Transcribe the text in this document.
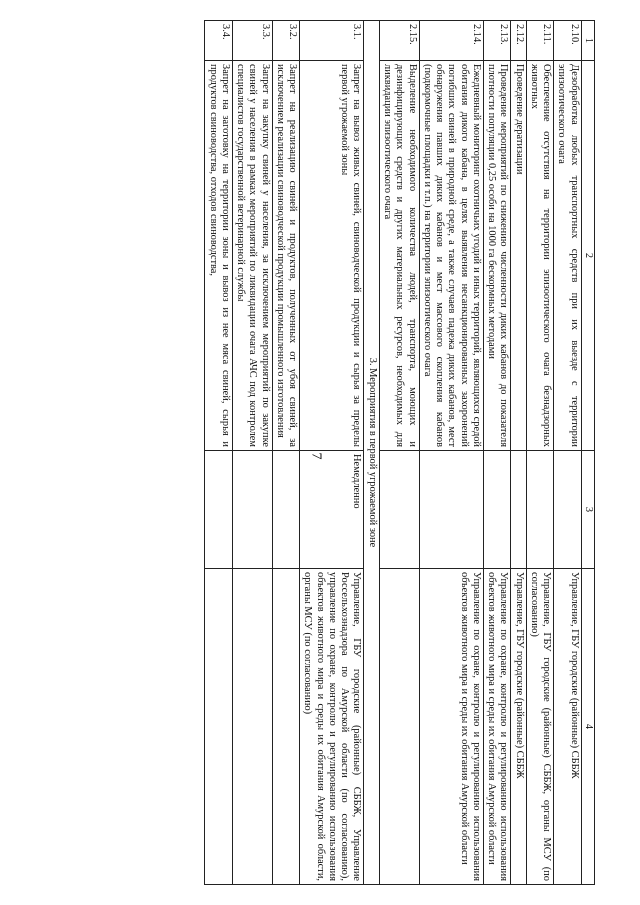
7
1	2	3	4
2.10.	Дезобработка любых транспортных средств при их выезде с территории эпизоотического очага		Управление, ГБУ городские (районные) СББЖ
2.11.	Обеспечение отсутствия на территории эпизоотического очага безнадзорных животных		Управление, ГБУ городские (районные) СББЖ, органы МСУ (по согласованию)
2.12.	Проведение дератизации		Управление, ГБУ городские (районные) СББЖ
2.13.	Проведение мероприятий по снижению численности диких кабанов до показателя плотности популяции 0,25 особи на 1000 га бескормных методами		Управление по охране, контролю и регулированию использования объектов животного мира и среды их обитания Амурской области
2.14.	Ежедневный мониторинг охотничьих угодий и иных территорий, являющихся средой обитания дикого кабана, в целях выявления несанкционированных захоронений погибших свиней в природной среде, а также случаев падежа диких кабанов, мест обнаружения павших диких кабанов и мест массового скопления кабанов (подкормочные площадки и т.п.) на территории эпизоотического очага		Управление по охране, контролю и регулированию использования объектов животного мира и среды их обитания Амурской области
2.15.	Выделение необходимого количества людей, транспорта, моющих и дезинфицирующих средств и других материальных ресурсов, необходимых для ликвидации эпизоотического очага		
3. Мероприятия в первой угрожаемой зоне			
3.1.	Запрет на вывоз живых свиней, свиноводческой продукции и сырья за пределы первой угрожаемой зоны	Немедленно	Управление, ГБУ городские (районные) СББЖ, Управление Россельхознадзора по Амурской области (по согласованию), управление по охране, контролю и регулированию использования объектов животного мира и среды их обитания Амурской области, органы МСУ (по согласованию)
3.2.	Запрет на реализацию свиней и продуктов, полученных от убоя свиней, за исключением реализации свиноводческой продукции промышленного изготовления		
3.3.	Запрет на закупку свиней у населения, за исключением мероприятий по закупке свиней у населения в рамках мероприятий по ликвидации очага АЧС под контролем специалистов государственной ветеринарной службы		
3.4.	Запрет на заготовку на территории зоны и вывоз из нее мяса свиней, сырья и продуктов свиноводства, отходов свиноводства,		
